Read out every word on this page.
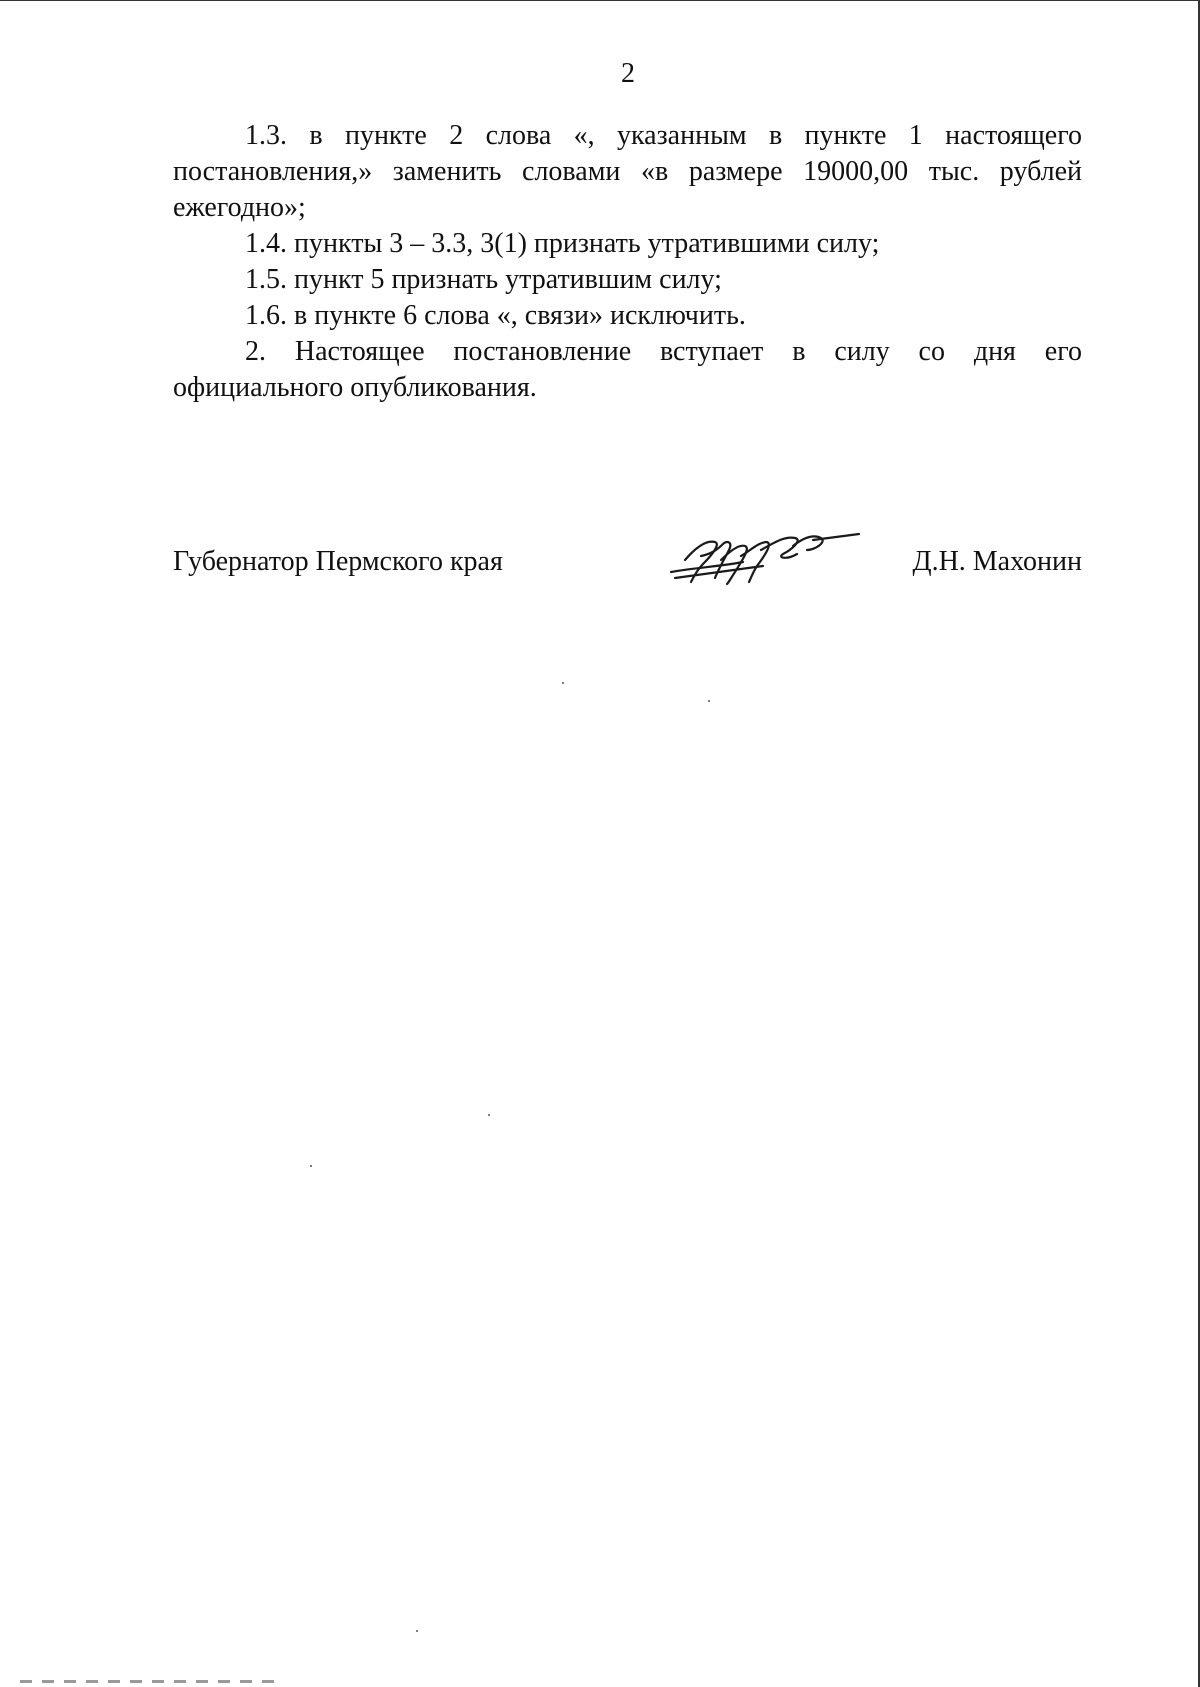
2

1.3. в пункте 2 слова «, указанным в пункте 1 настоящего постановления,» заменить словами «в размере 19000,00 тыс. рублей ежегодно»;

1.4. пункты 3 – 3.3, 3(1) признать утратившими силу;

1.5. пункт 5 признать утратившим силу;

1.6. в пункте 6 слова «, связи» исключить.

2. Настоящее постановление вступает в силу со дня его официального опубликования.

Губернатор Пермского края	Д.Н. Махонин
